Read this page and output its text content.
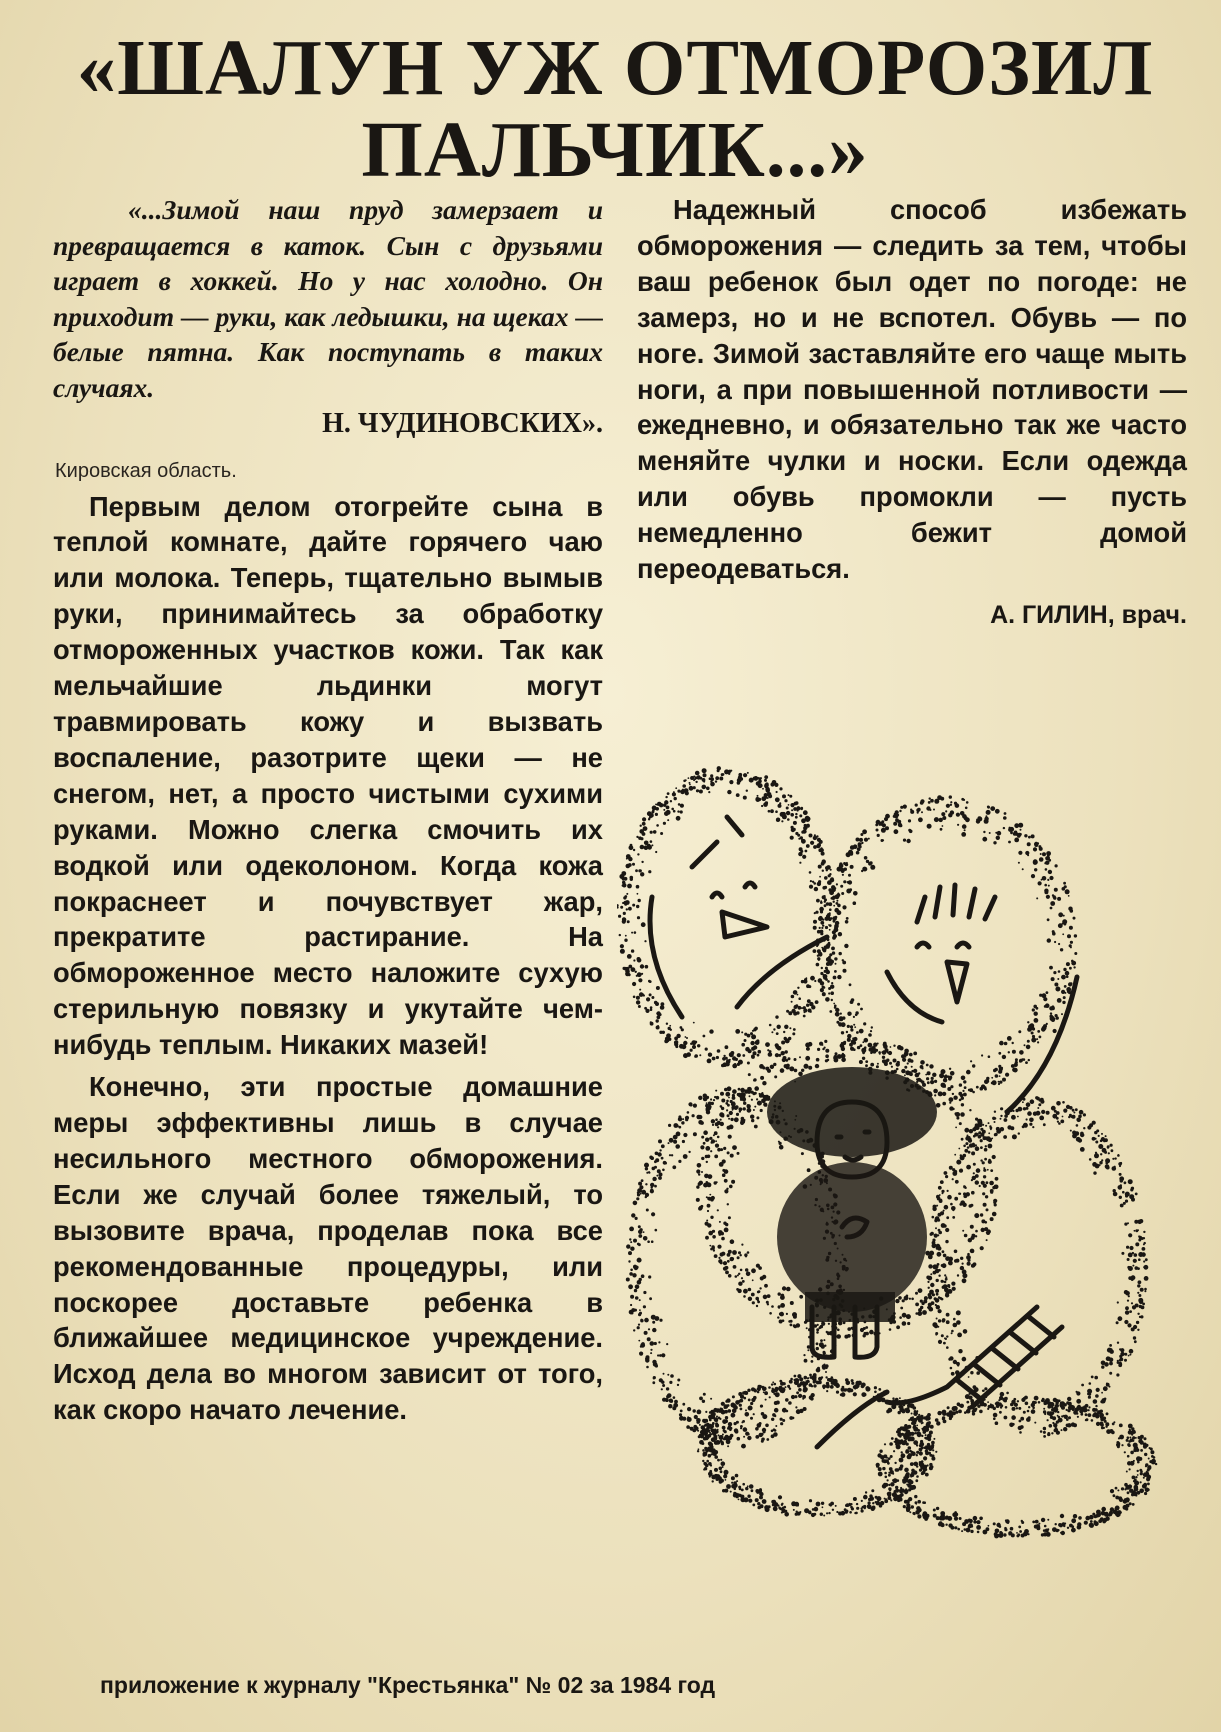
«ШАЛУН УЖ ОТМОРОЗИЛ
ПАЛЬЧИК...»

«...Зимой наш пруд замерзает и превращается в каток. Сын с друзьями играет в хоккей. Но у нас холодно. Он приходит — руки, как ледышки, на щеках — белые пятна. Как поступать в таких случаях.

Н. ЧУДИНОВСКИХ».

Кировская область.

Первым делом отогрейте сына в теплой комнате, дайте горячего чаю или молока. Теперь, тщательно вымыв руки, принимайтесь за обработку отмороженных участков кожи. Так как мельчайшие льдинки могут травмировать кожу и вызвать воспаление, разотрите щеки — не снегом, нет, а просто чистыми сухими руками. Можно слегка смочить их водкой или одеколоном. Когда кожа покраснеет и почувствует жар, прекратите растирание. На обмороженное место наложите сухую стерильную повязку и укутайте чем-нибудь теплым. Никаких мазей!

Конечно, эти простые домашние меры эффективны лишь в случае несильного местного обморожения. Если же случай более тяжелый, то вызовите врача, проделав пока все рекомендованные процедуры, или поскорее доставьте ребенка в ближайшее медицинское учреждение. Исход дела во многом зависит от того, как скоро начато лечение.

Надежный способ избежать обморожения — следить за тем, чтобы ваш ребенок был одет по погоде: не замерз, но и не вспотел. Обувь — по ноге. Зимой заставляйте его чаще мыть ноги, а при повышенной потливости — ежедневно, и обязательно так же часто меняйте чулки и носки. Если одежда или обувь промокли — пусть немедленно бежит домой переодеваться.

А. ГИЛИН, врач.

приложение к журналу "Крестьянка" № 02 за 1984 год
